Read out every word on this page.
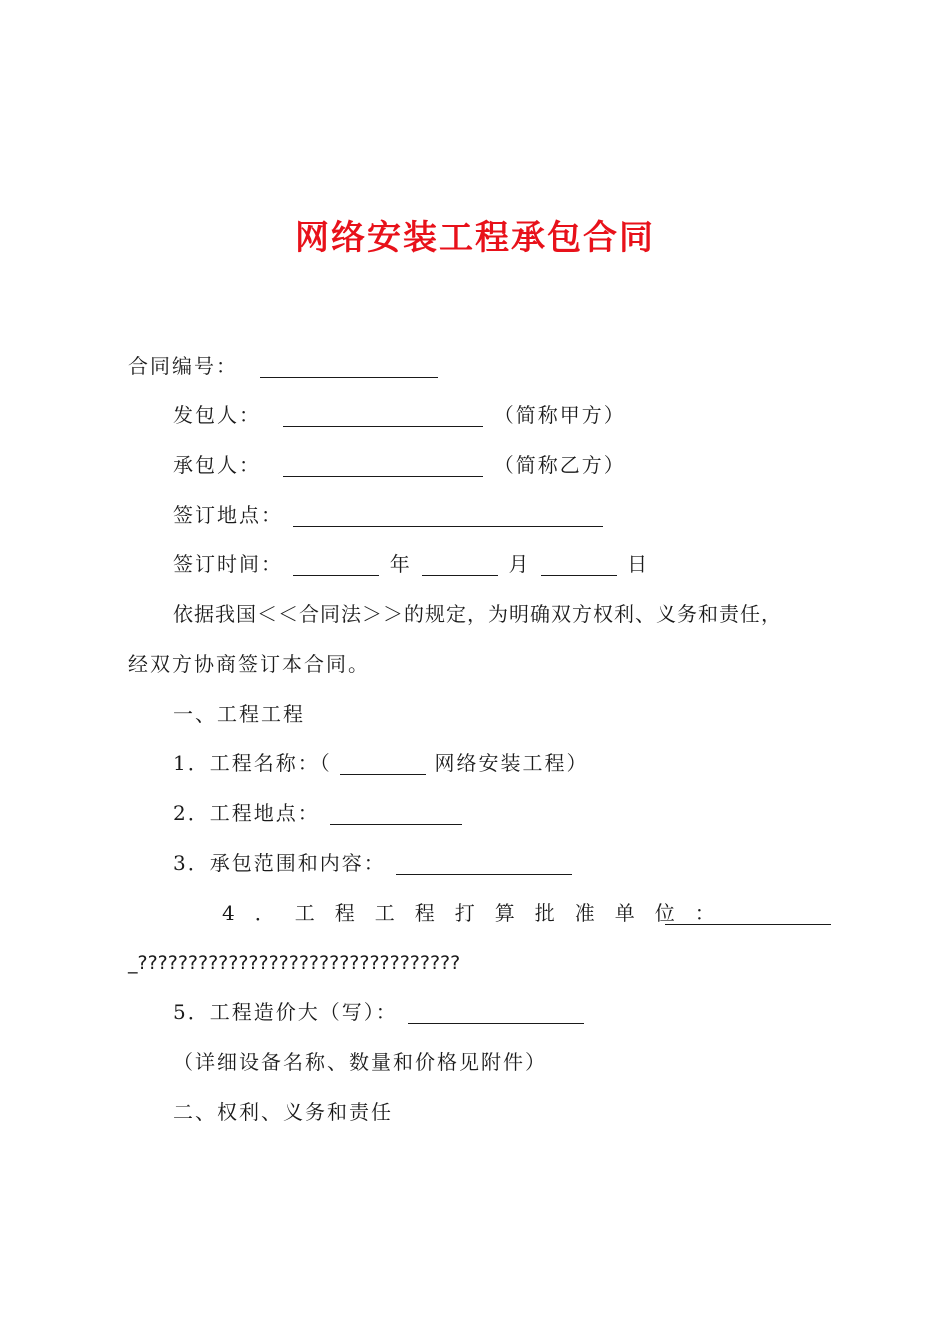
网络安装工程承包合同
合同编号：
发包人：	（简称甲方）
承包人：	（简称乙方）
签订地点：
签订时间：	年	月	日
依据我国＜＜合同法＞＞的规定，为明确双方权利、义务和责任，
经双方协商签订本合同。
一、工程工程
1．工程名称：（	网络安装工程）
2．工程地点：
3．承包范围和内容：
4．工程工程打算批准单位：
_????????????????????????????????
5．工程造价大（写）：
（详细设备名称、数量和价格见附件）
二、权利、义务和责任
